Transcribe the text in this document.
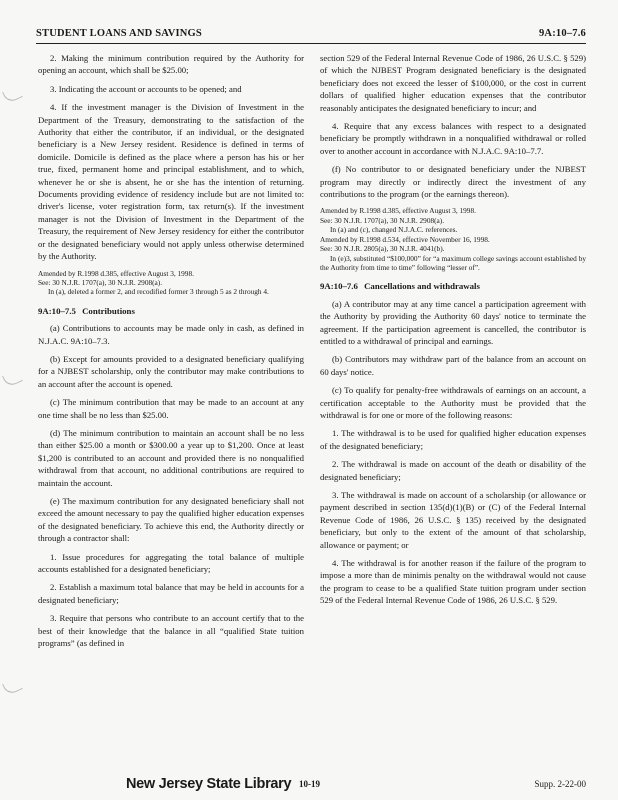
STUDENT LOANS AND SAVINGS	9A:10–7.6

2. Making the minimum contribution required by the Authority for opening an account, which shall be $25.00;

3. Indicating the account or accounts to be opened; and

4. If the investment manager is the Division of Investment in the Department of the Treasury, demonstrating to the satisfaction of the Authority that either the contributor, if an individual, or the designated beneficiary is a New Jersey resident. Residence is defined in terms of domicile. Domicile is defined as the place where a person has his or her true, fixed, permanent home and principal establishment, and to which, whenever he or she is absent, he or she has the intention of returning. Documents providing evidence of residency include but are not limited to: driver's license, voter registration form, tax return(s). If the investment manager is not the Division of Investment in the Department of the Treasury, the requirement of New Jersey residency for either the contributor or the designated beneficiary would not apply unless otherwise determined by the Authority.

Amended by R.1998 d.385, effective August 3, 1998.

See: 30 N.J.R. 1707(a), 30 N.J.R. 2908(a).

In (a), deleted a former 2, and recodified former 3 through 5 as 2 through 4.

9A:10–7.5 Contributions

(a) Contributions to accounts may be made only in cash, as defined in N.J.A.C. 9A:10–7.3.

(b) Except for amounts provided to a designated beneficiary qualifying for a NJBEST scholarship, only the contributor may make contributions to an account after the account is opened.

(c) The minimum contribution that may be made to an account at any one time shall be no less than $25.00.

(d) The minimum contribution to maintain an account shall be no less than either $25.00 a month or $300.00 a year up to $1,200. Once at least $1,200 is contributed to an account and provided there is no nonqualified withdrawal from that account, no additional contributions are required to maintain the account.

(e) The maximum contribution for any designated beneficiary shall not exceed the amount necessary to pay the qualified higher education expenses of the designated beneficiary. To achieve this end, the Authority directly or through a contractor shall:

1. Issue procedures for aggregating the total balance of multiple accounts established for a designated beneficiary;

2. Establish a maximum total balance that may be held in accounts for a designated beneficiary;

3. Require that persons who contribute to an account certify that to the best of their knowledge that the balance in all “qualified State tuition programs” (as defined in

section 529 of the Federal Internal Revenue Code of 1986, 26 U.S.C. § 529) of which the NJBEST Program designated beneficiary is the designated beneficiary does not exceed the lesser of $100,000, or the cost in current dollars of qualified higher education expenses that the contributor reasonably anticipates the designated beneficiary to incur; and

4. Require that any excess balances with respect to a designated beneficiary be promptly withdrawn in a nonqualified withdrawal or rolled over to another account in accordance with N.J.A.C. 9A:10–7.7.

(f) No contributor to or designated beneficiary under the NJBEST program may directly or indirectly direct the investment of any contributions to the program (or the earnings thereon).

Amended by R.1998 d.385, effective August 3, 1998.

See: 30 N.J.R. 1707(a), 30 N.J.R. 2908(a).

In (a) and (c), changed N.J.A.C. references.

Amended by R.1998 d.534, effective November 16, 1998.

See: 30 N.J.R. 2805(a), 30 N.J.R. 4041(b).

In (e)3, substituted “$100,000” for “a maximum college savings account established by the Authority from time to time” following “lesser of”.

9A:10–7.6 Cancellations and withdrawals

(a) A contributor may at any time cancel a participation agreement with the Authority by providing the Authority 60 days' notice to terminate the agreement. If the participation agreement is cancelled, the contributor is entitled to a withdrawal of principal and earnings.

(b) Contributors may withdraw part of the balance from an account on 60 days' notice.

(c) To qualify for penalty-free withdrawals of earnings on an account, a certification acceptable to the Authority must be provided that the withdrawal is for one or more of the following reasons:

1. The withdrawal is to be used for qualified higher education expenses of the designated beneficiary;

2. The withdrawal is made on account of the death or disability of the designated beneficiary;

3. The withdrawal is made on account of a scholarship (or allowance or payment described in section 135(d)(1)(B) or (C) of the Federal Internal Revenue Code of 1986, 26 U.S.C. § 135) received by the designated beneficiary, but only to the extent of the amount of that scholarship, allowance or payment; or

4. The withdrawal is for another reason if the failure of the program to impose a more than de minimis penalty on the withdrawal would not cause the program to cease to be a qualified State tuition program under section 529 of the Federal Internal Revenue Code of 1986, 26 U.S.C. § 529.

New Jersey State Library 10-19	Supp. 2-22-00
